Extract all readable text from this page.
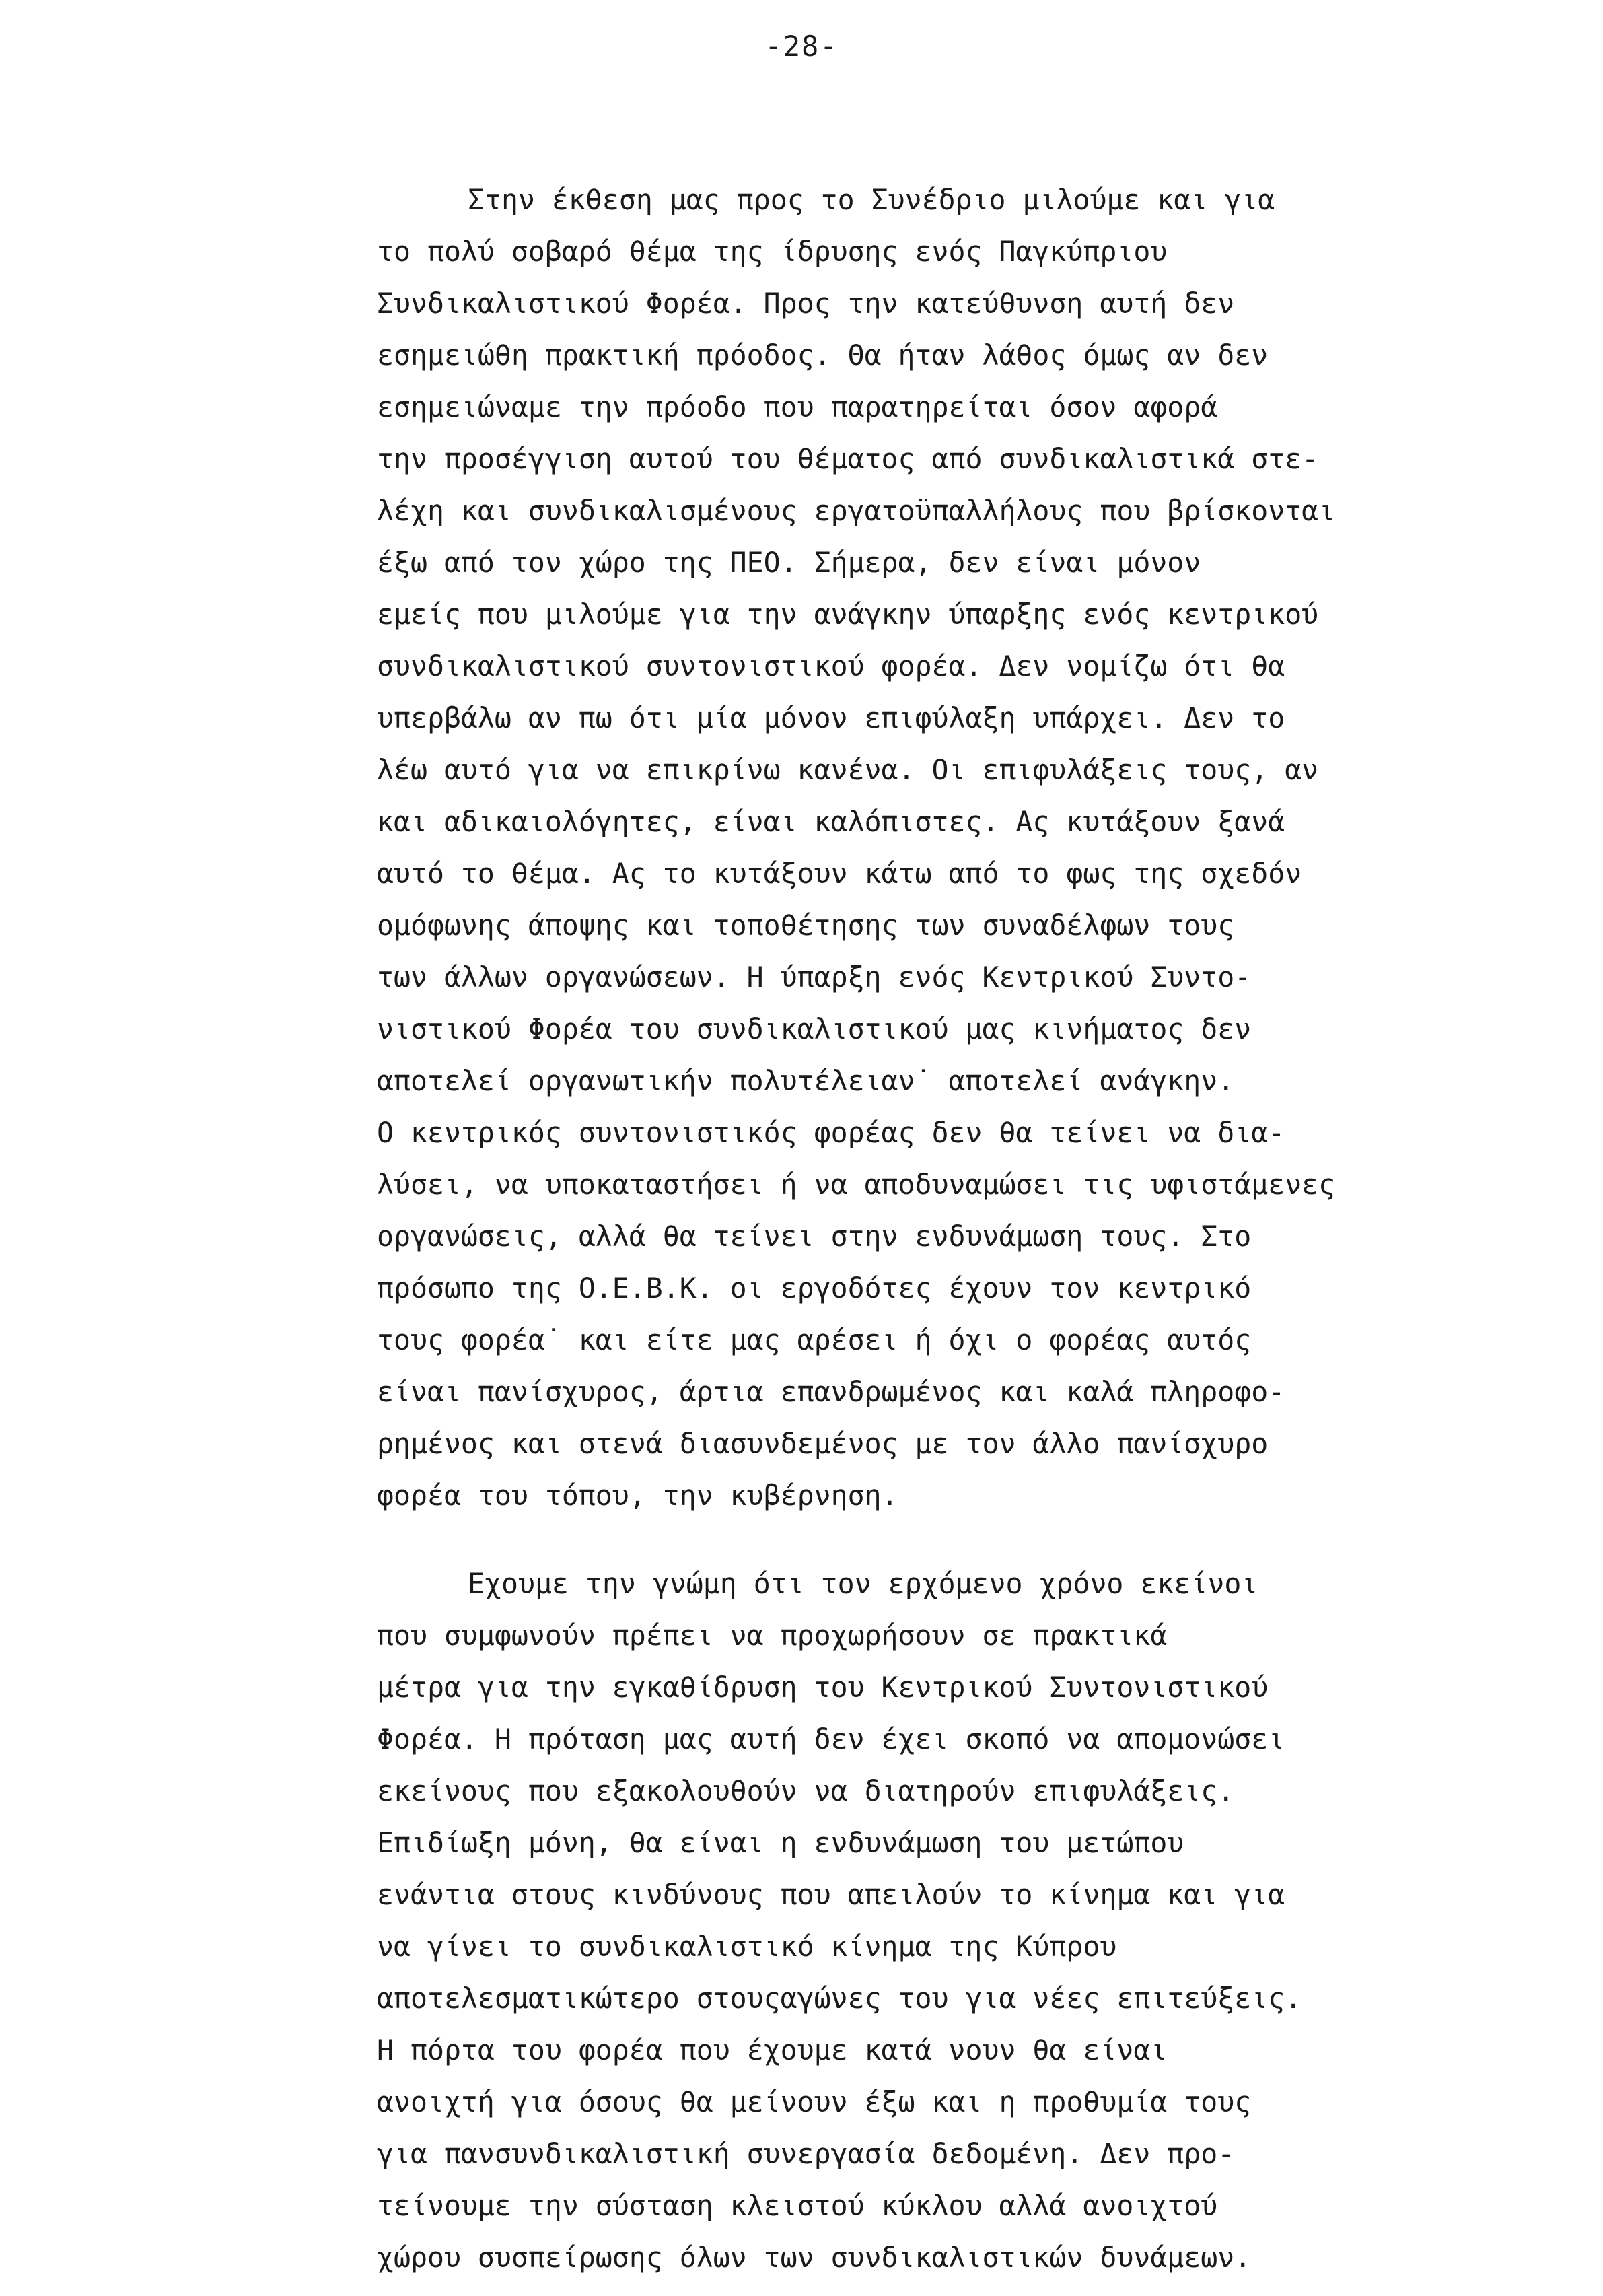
-28-
Στην έκθεση μας προς το Συνέδριο μιλούμε και για
το πολύ σοβαρό θέμα της ίδρυσης ενός Παγκύπριου
Συνδικαλιστικού Φορέα. Προς την κατεύθυνση αυτή δεν
εσημειώθη πρακτική πρόοδος. Θα ήταν λάθος όμως αν δεν
εσημειώναμε την πρόοδο που παρατηρείται όσον αφορά
την προσέγγιση αυτού του θέματος από συνδικαλιστικά στε-
λέχη και συνδικαλισμένους εργατοϋπαλλήλους που βρίσκονται
έξω από τον χώρο της ΠΕΟ. Σήμερα, δεν είναι μόνον
εμείς που μιλούμε για την ανάγκην ύπαρξης ενός κεντρικού
συνδικαλιστικού συντονιστικού φορέα. Δεν νομίζω ότι θα
υπερβάλω αν πω ότι μία μόνον επιφύλαξη υπάρχει. Δεν το
λέω αυτό για να επικρίνω κανένα. Οι επιφυλάξεις τους, αν
και αδικαιολόγητες, είναι καλόπιστες. Ας κυτάξουν ξανά
αυτό το θέμα. Ας το κυτάξουν κάτω από το φως της σχεδόν
ομόφωνης άποψης και τοποθέτησης των συναδέλφων τους
των άλλων οργανώσεων. Η ύπαρξη ενός Κεντρικού Συντο-
νιστικού Φορέα του συνδικαλιστικού μας κινήματος δεν
αποτελεί οργανωτικήν πολυτέλειαν˙ αποτελεί ανάγκην.
Ο κεντρικός συντονιστικός φορέας δεν θα τείνει να δια-
λύσει, να υποκαταστήσει ή να αποδυναμώσει τις υφιστάμενες
οργανώσεις, αλλά θα τείνει στην ενδυνάμωση τους. Στο
πρόσωπο της Ο.Ε.Β.Κ. οι εργοδότες έχουν τον κεντρικό
τους φορέα˙ και είτε μας αρέσει ή όχι ο φορέας αυτός
είναι πανίσχυρος, άρτια επανδρωμένος και καλά πληροφο-
ρημένος και στενά διασυνδεμένος με τον άλλο πανίσχυρο
φορέα του τόπου, την κυβέρνηση.
Εχουμε την γνώμη ότι τον ερχόμενο χρόνο εκείνοι
που συμφωνούν πρέπει να προχωρήσουν σε πρακτικά
μέτρα για την εγκαθίδρυση του Κεντρικού Συντονιστικού
Φορέα. Η πρόταση μας αυτή δεν έχει σκοπό να απομονώσει
εκείνους που εξακολουθούν να διατηρούν επιφυλάξεις.
Επιδίωξη μόνη, θα είναι η ενδυνάμωση του μετώπου
ενάντια στους κινδύνους που απειλούν το κίνημα και για
να γίνει το συνδικαλιστικό κίνημα της Κύπρου
αποτελεσματικώτερο στουςαγώνες του για νέες επιτεύξεις.
Η πόρτα του φορέα που έχουμε κατά νουν θα είναι
ανοιχτή για όσους θα μείνουν έξω και η προθυμία τους
για πανσυνδικαλιστική συνεργασία δεδομένη. Δεν προ-
τείνουμε την σύσταση κλειστού κύκλου αλλά ανοιχτού
χώρου συσπείρωσης όλων των συνδικαλιστικών δυνάμεων.
